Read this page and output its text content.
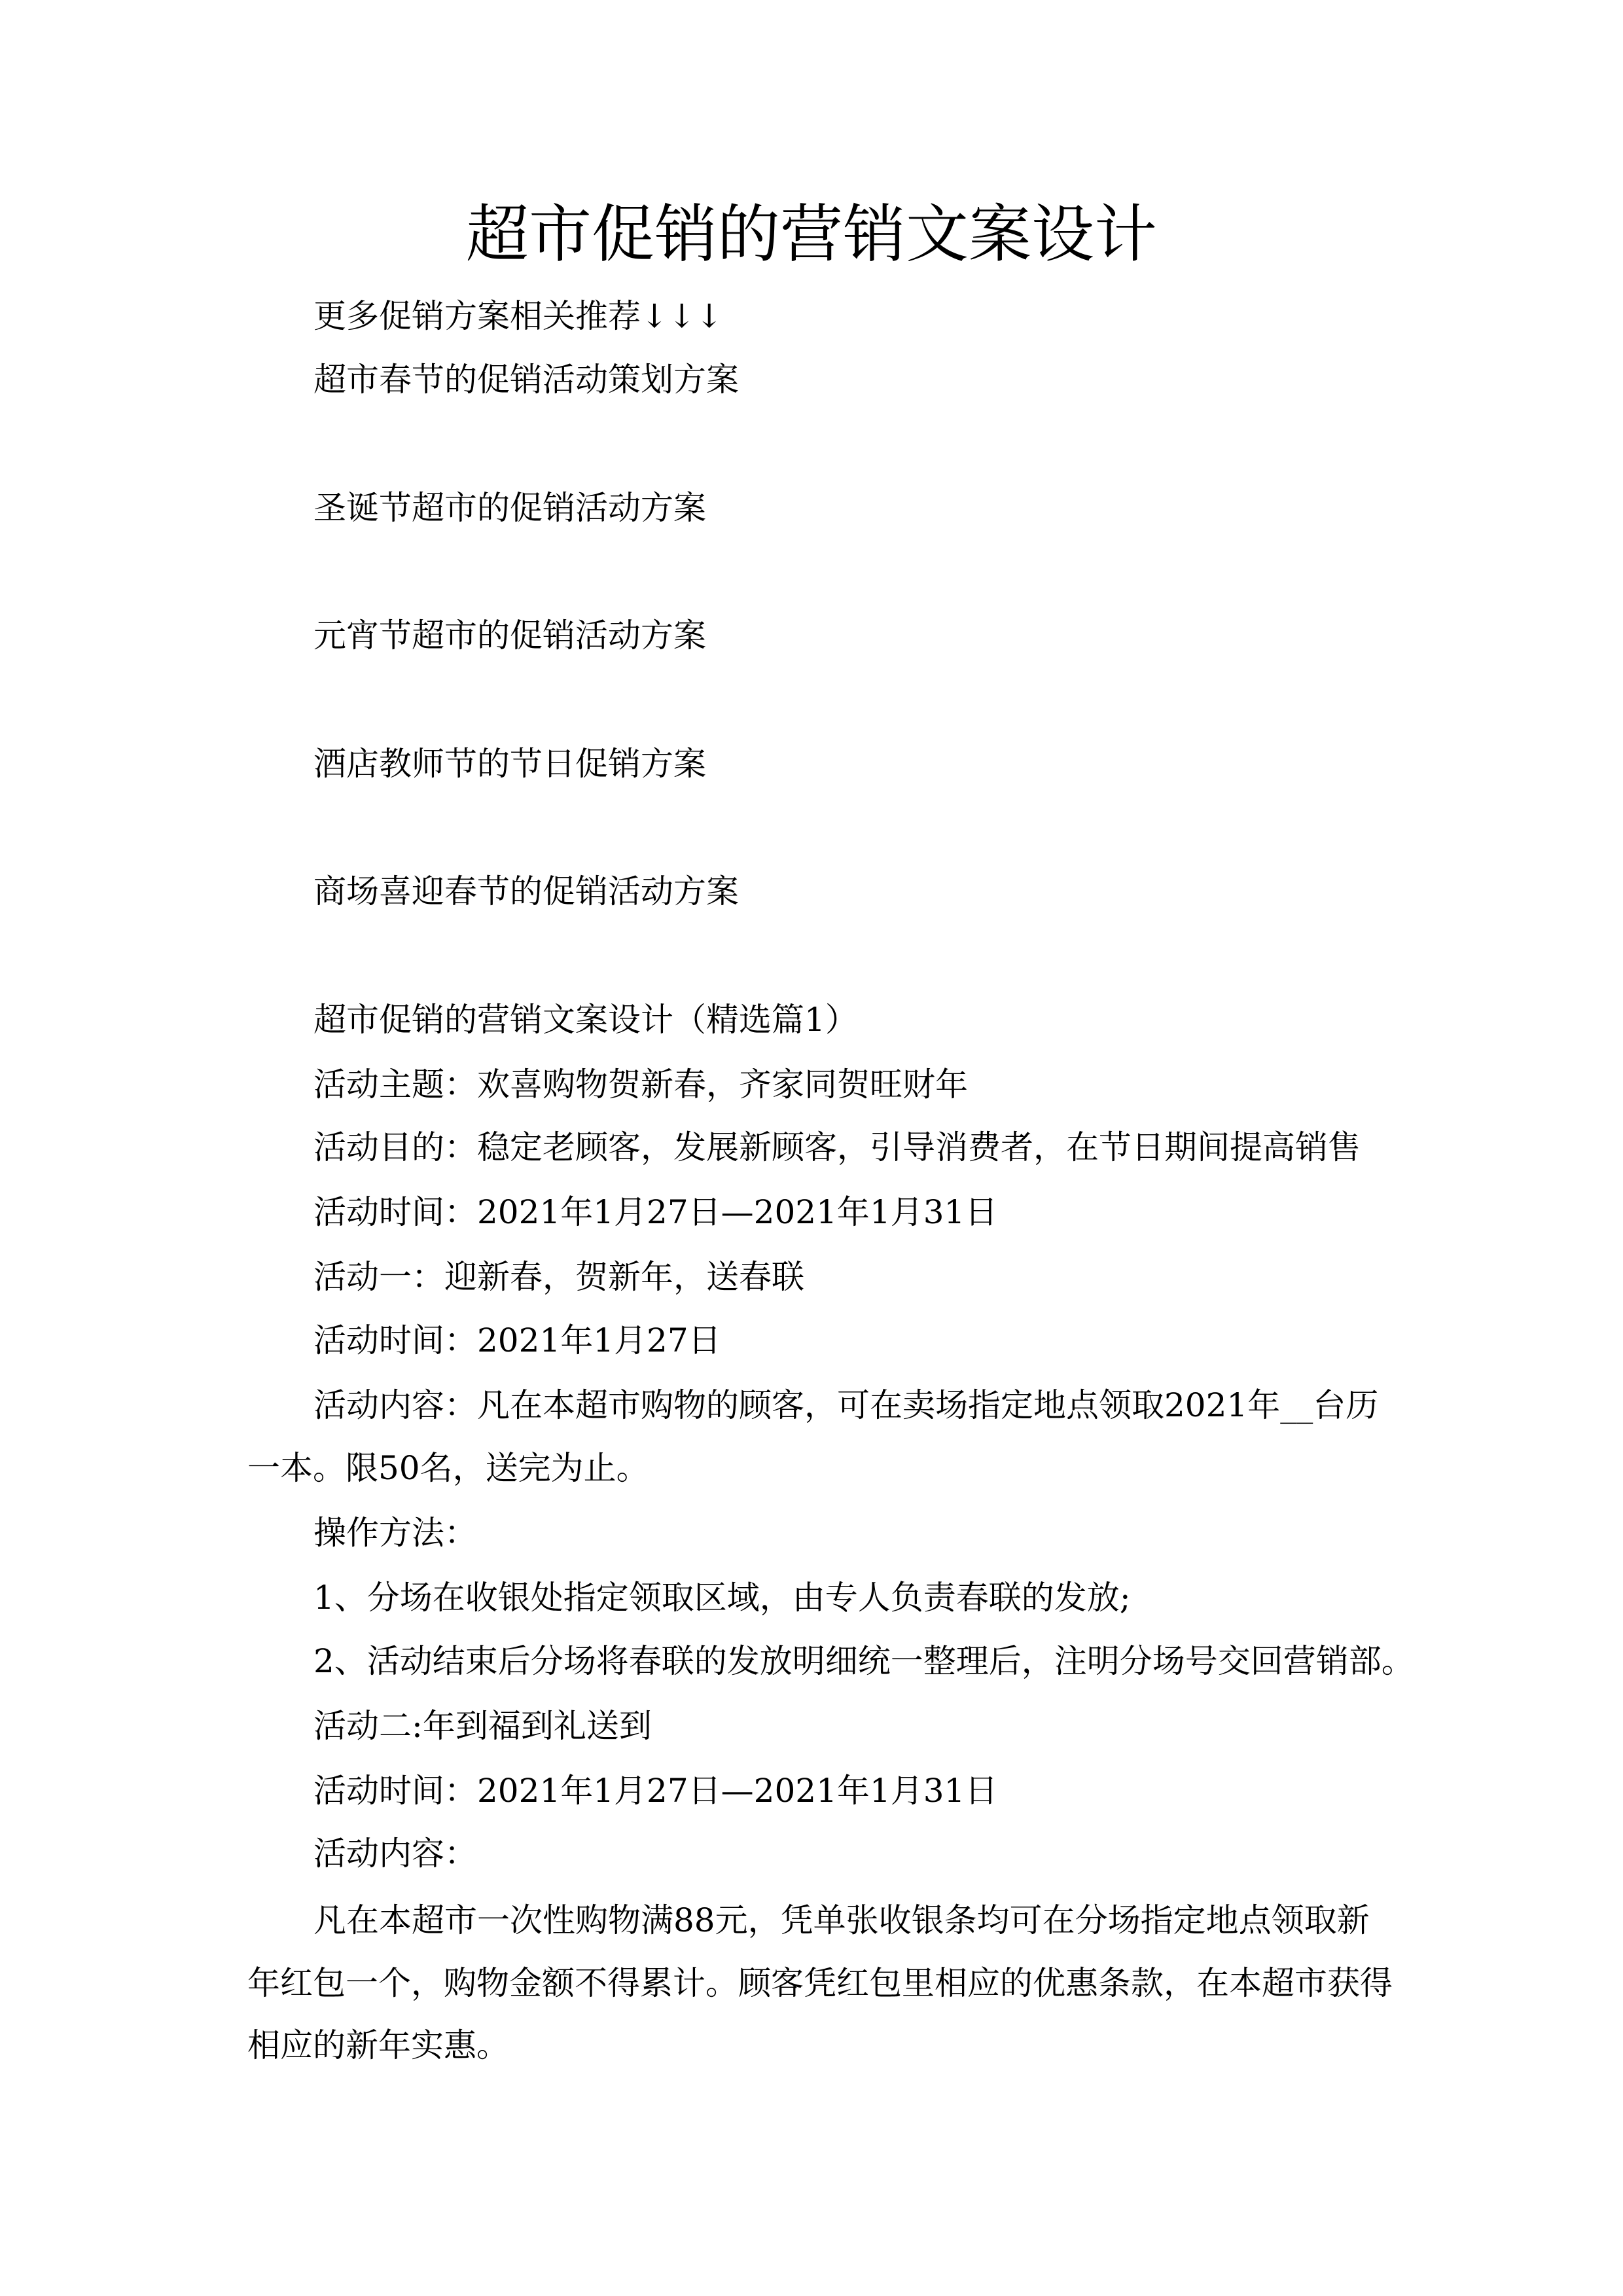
超市促销的营销文案设计
更多促销方案相关推荐↓↓↓
超市春节的促销活动策划方案
圣诞节超市的促销活动方案
元宵节超市的促销活动方案
酒店教师节的节日促销方案
商场喜迎春节的促销活动方案
超市促销的营销文案设计（精选篇1）
活动主题：欢喜购物贺新春，齐家同贺旺财年
活动目的：稳定老顾客，发展新顾客，引导消费者，在节日期间提高销售
活动时间：2021年1月27日—2021年1月31日
活动一：迎新春，贺新年，送春联
活动时间：2021年1月27日
活动内容：凡在本超市购物的顾客，可在卖场指定地点领取2021年__台历
一本。限50名，送完为止。
操作方法：
1、分场在收银处指定领取区域，由专人负责春联的发放;
2、活动结束后分场将春联的发放明细统一整理后，注明分场号交回营销部。
活动二:年到福到礼送到
活动时间：2021年1月27日—2021年1月31日
活动内容：
凡在本超市一次性购物满88元，凭单张收银条均可在分场指定地点领取新
年红包一个，购物金额不得累计。顾客凭红包里相应的优惠条款，在本超市获得
相应的新年实惠。
